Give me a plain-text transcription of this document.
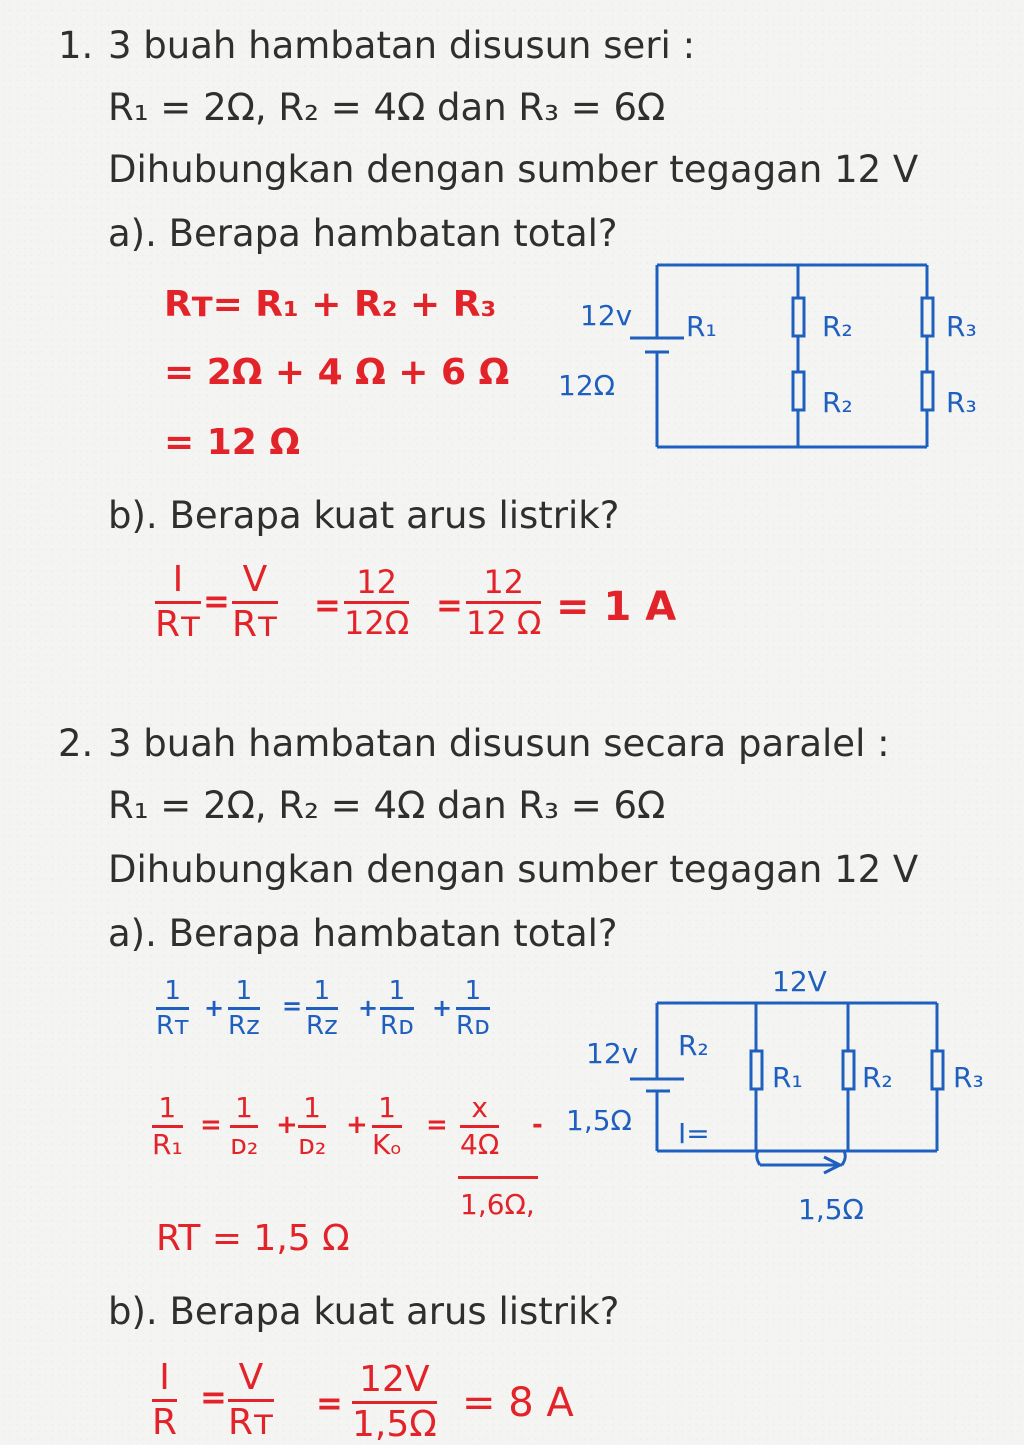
1. 3 buah hambatan disusun seri :

R₁ = 2Ω, R₂ = 4Ω dan R₃ = 6Ω

Dihubungkan dengan sumber tegagan 12 V

a). Berapa hambatan total?

Rᴛ= R₁ + R₂ + R₃

= 2Ω + 4 Ω + 6 Ω

= 12 Ω

12v
12Ω
R₁	R₂	R₃
R₂	R₃

b). Berapa kuat arus listrik?

I
Rᴛ
=
V
Rᴛ =
12
12Ω =
12
12 Ω = 1 A

2. 3 buah hambatan disusun secara paralel :

R₁ = 2Ω, R₂ = 4Ω dan R₃ = 6Ω

Dihubungkan dengan sumber tegagan 12 V

a). Berapa hambatan total?

1
Rᴛ
+
1
Rᴢ
= 1
Rᴢ
+
1
Rᴅ
+
1
Rᴅ
1
R₁
=
1
ᴅ₂
+
1
ᴅ₂
+
1
Kₒ
=
x
4Ω
-

1,6Ω,

RT = 1,5 Ω

12V
12v
1,5Ω
R₂
I=
R₁ R₂ R₃
1,5Ω

b). Berapa kuat arus listrik?

I
R
= V
Rᴛ =
12V
1,5Ω = 8 A
